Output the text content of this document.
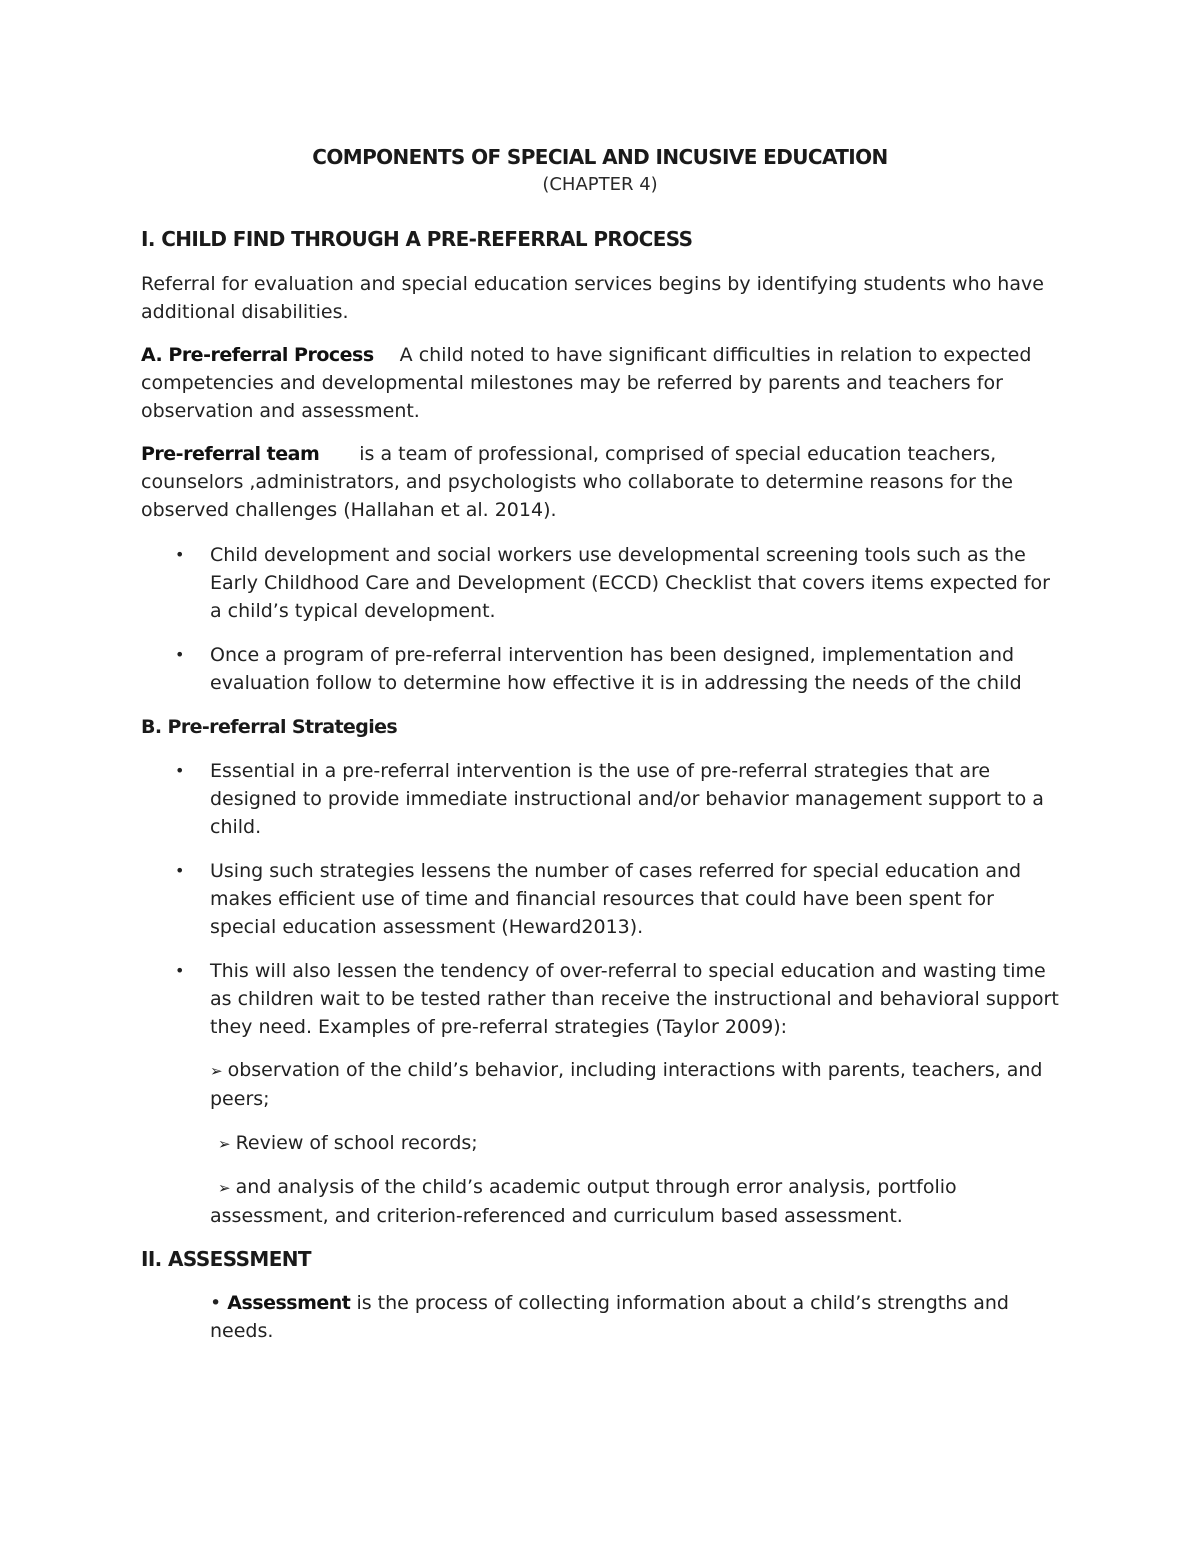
COMPONENTS OF SPECIAL AND INCUSIVE EDUCATION
(CHAPTER 4)
I. CHILD FIND THROUGH A PRE-REFERRAL PROCESS
Referral for evaluation and special education services begins by identifying students who have additional disabilities.
A. Pre-referral Process A child noted to have significant difficulties in relation to expected competencies and developmental milestones may be referred by parents and teachers for observation and assessment.
Pre-referral team is a team of professional, comprised of special education teachers, counselors ,administrators, and psychologists who collaborate to determine reasons for the observed challenges (Hallahan et al. 2014).
•	Child development and social workers use developmental screening tools such as the Early Childhood Care and Development (ECCD) Checklist that covers items expected for a child’s typical development.
•	Once a program of pre-referral intervention has been designed, implementation and evaluation follow to determine how effective it is in addressing the needs of the child
B. Pre-referral Strategies
•	Essential in a pre-referral intervention is the use of pre-referral strategies that are designed to provide immediate instructional and/or behavior management support to a child.
•	Using such strategies lessens the number of cases referred for special education and makes efficient use of time and financial resources that could have been spent for special education assessment (Heward2013).
•	This will also lessen the tendency of over-referral to special education and wasting time as children wait to be tested rather than receive the instructional and behavioral support they need. Examples of pre-referral strategies (Taylor 2009):
➢ observation of the child’s behavior, including interactions with parents, teachers, and peers;
➢ Review of school records;
➢ and analysis of the child’s academic output through error analysis, portfolio assessment, and criterion-referenced and curriculum based assessment.
II. ASSESSMENT
• Assessment is the process of collecting information about a child’s strengths and needs.
